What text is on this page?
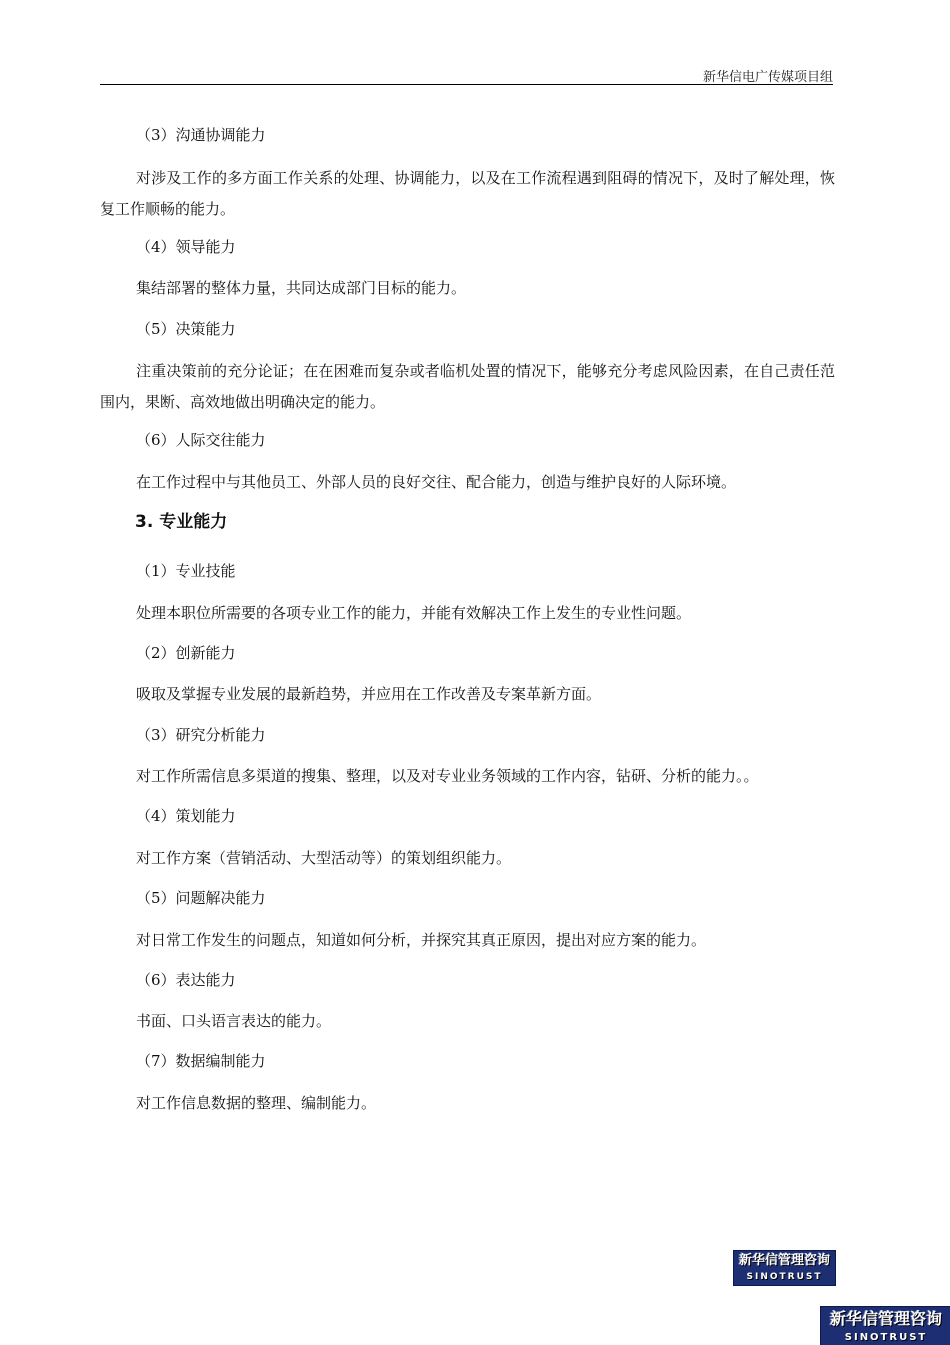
新华信电广传媒项目组
（3）沟通协调能力
对涉及工作的多方面工作关系的处理、协调能力，以及在工作流程遇到阻碍的情况下，及时了解处理，恢复工作顺畅的能力。
（4）领导能力
集结部署的整体力量，共同达成部门目标的能力。
（5）决策能力
注重决策前的充分论证；在在困难而复杂或者临机处置的情况下，能够充分考虑风险因素，在自己责任范围内，果断、高效地做出明确决定的能力。
（6）人际交往能力
在工作过程中与其他员工、外部人员的良好交往、配合能力，创造与维护良好的人际环境。
3. 专业能力
（1）专业技能
处理本职位所需要的各项专业工作的能力，并能有效解决工作上发生的专业性问题。
（2）创新能力
吸取及掌握专业发展的最新趋势，并应用在工作改善及专案革新方面。
（3）研究分析能力
对工作所需信息多渠道的搜集、整理，以及对专业业务领域的工作内容，钻研、分析的能力。。
（4）策划能力
对工作方案（营销活动、大型活动等）的策划组织能力。
（5）问题解决能力
对日常工作发生的问题点，知道如何分析，并探究其真正原因，提出对应方案的能力。
（6）表达能力
书面、口头语言表达的能力。
（7）数据编制能力
对工作信息数据的整理、编制能力。
新华信管理咨询
SINOTRUST
新华信管理咨询
SINOTRUST
